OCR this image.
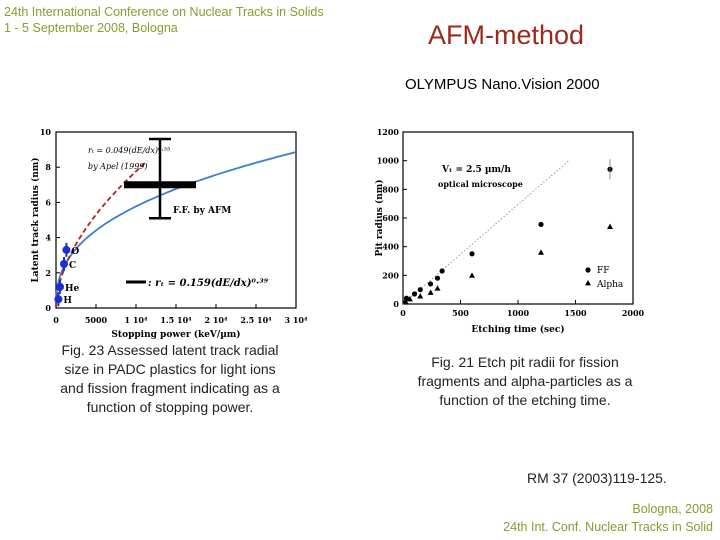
24th International Conference on Nuclear Tracks in Solids
1 - 5 September 2008, Bologna	AFM-method
OLYMPUS Nano.Vision 2000
0	5000 1 10⁴ 1.5 10⁴ 2 10⁴ 2.5 10⁴ 3 10⁴
0
2
4
6
8
10
Stopping power (keV/µm)
Latent track radius (nm)
rₜ = 0.049(dE/dx)⁰·⁵⁵
by Apel (1999)
F.F. by AFM
: rₜ = 0.159(dE/dx)⁰·³⁹
H
He
C
O
0	500	1000	1500	2000
0
200
400
600
800
1000
1200
Etching time (sec)
Pit radius (nm)
Vₜ = 2.5 µm/h
optical microscope
FF
Alpha
Fig. 23 Assessed latent track radial size in PADC plastics for light ions and fission fragment indicating as a function of stopping power.
Fig. 21 Etch pit radii for fission fragments and alpha-particles as a function of the etching time.
RM 37 (2003)119-125.
Bologna, 2008
24th Int. Conf. Nuclear Tracks in Solid
